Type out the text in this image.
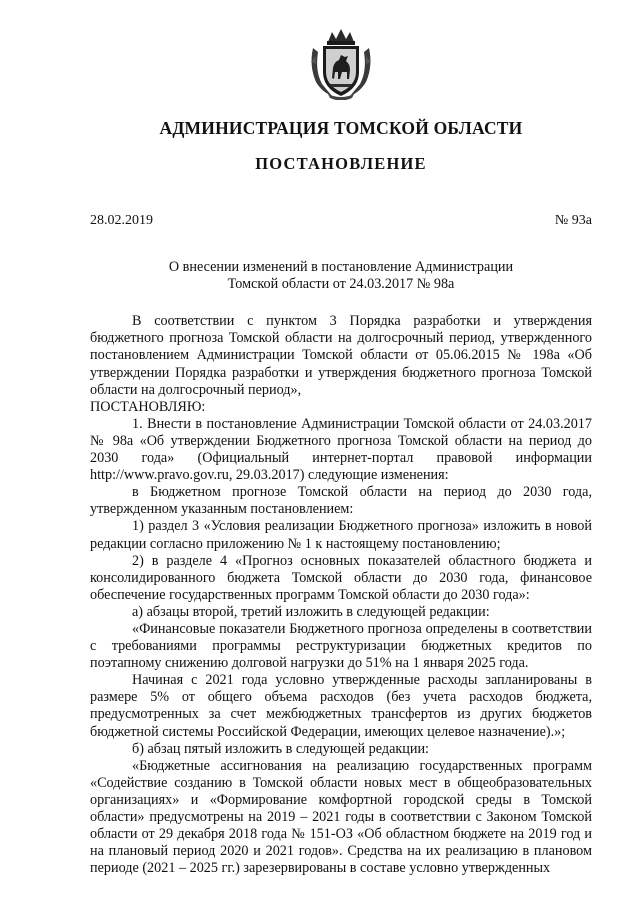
АДМИНИСТРАЦИЯ ТОМСКОЙ ОБЛАСТИ
ПОСТАНОВЛЕНИЕ
28.02.2019	№ 93а
О внесении изменений в постановление Администрации
Томской области от 24.03.2017 № 98а

В соответствии с пунктом 3 Порядка разработки и утверждения бюджетного прогноза Томской области на долгосрочный период, утвержденного постановлением Администрации Томской области от 05.06.2015 № 198а «Об утверждении Порядка разработки и утверждения бюджетного прогноза Томской области на долгосрочный период»,

ПОСТАНОВЛЯЮ:

1. Внести в постановление Администрации Томской области от 24.03.2017 № 98а «Об утверждении Бюджетного прогноза Томской области на период до 2030 года» (Официальный интернет-портал правовой информации http://www.pravo.gov.ru, 29.03.2017) следующие изменения:

в Бюджетном прогнозе Томской области на период до 2030 года, утвержденном указанным постановлением:

1) раздел 3 «Условия реализации Бюджетного прогноза» изложить в новой редакции согласно приложению № 1 к настоящему постановлению;

2) в разделе 4 «Прогноз основных показателей областного бюджета и консолидированного бюджета Томской области до 2030 года, финансовое обеспечение государственных программ Томской области до 2030 года»:

а) абзацы второй, третий изложить в следующей редакции:

«Финансовые показатели Бюджетного прогноза определены в соответствии с требованиями программы реструктуризации бюджетных кредитов по поэтапному снижению долговой нагрузки до 51% на 1 января 2025 года.

Начиная с 2021 года условно утвержденные расходы запланированы в размере 5% от общего объема расходов (без учета расходов бюджета, предусмотренных за счет межбюджетных трансфертов из других бюджетов бюджетной системы Российской Федерации, имеющих целевое назначение).»;

б) абзац пятый изложить в следующей редакции:

«Бюджетные ассигнования на реализацию государственных программ «Содействие созданию в Томской области новых мест в общеобразовательных организациях» и «Формирование комфортной городской среды в Томской области» предусмотрены на 2019 – 2021 годы в соответствии с Законом Томской области от 29 декабря 2018 года № 151-ОЗ «Об областном бюджете на 2019 год и на плановый период 2020 и 2021 годов». Средства на их реализацию в плановом периоде (2021 – 2025 гг.) зарезервированы в составе условно утвержденных
